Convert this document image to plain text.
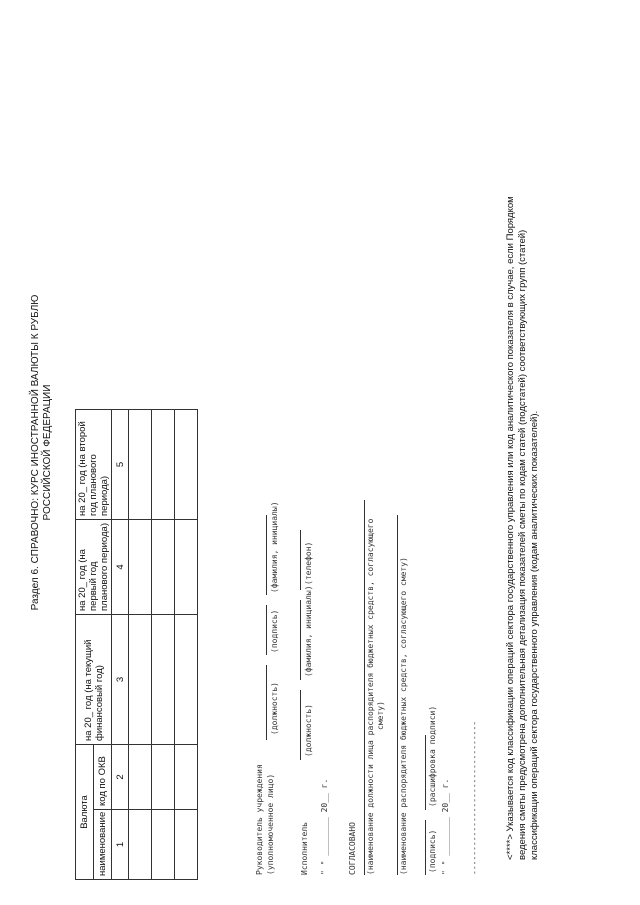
Раздел 6. СПРАВОЧНО: КУРС ИНОСТРАННОЙ ВАЛЮТЫ К РУБЛЮ РОССИЙСКОЙ ФЕДЕРАЦИИ
Валюта		на 20_ год (на текущий финансовый год)	на 20_ год (на первый год планового периода)	на 20_ год (на второй год планового периода)
наименование	код по ОКВ			
1	2	3	4	5

Руководитель учреждения (уполномоченное лицо)
(должность)
(подпись)
(фамилия, инициалы)
Исполнитель
(должность)
(фамилия, инициалы)
(телефон)
" " ________ 20__ г. СОГЛАСОВАНО (наименование должности лица распорядителя бюджетных средств, согласующего смету) (наименование распорядителя бюджетных средств, согласующего смету)	(подпись)
(расшифровка подписи)
" " ________ 20__ г.	--------------------------------	<****> Указывается код классификации операций сектора государственного управления или код аналитического показателя в случае, если Порядком ведения сметы предусмотрена дополнительная детализация показателей сметы по кодам статей (подстатей) соответствующих групп (статей) классификации операций сектора государственного управления (кодам аналитических показателей).
